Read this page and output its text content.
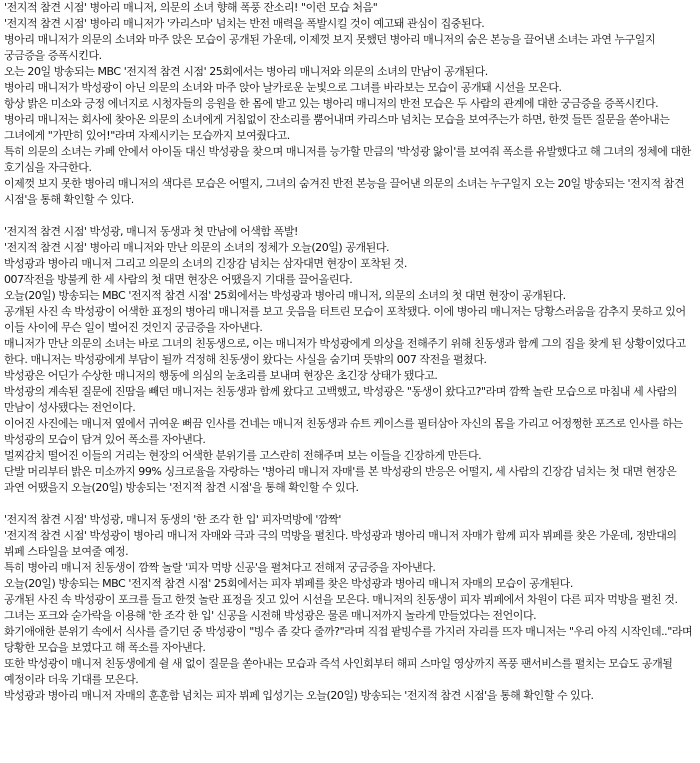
'전지적 참견 시점' 병아리 매니저, 의문의 소녀 향해 폭풍 잔소리! "이런 모습 처음"

'전지적 참견 시점' 병아리 매니저가 '카리스마' 넘치는 반전 매력을 폭발시킬 것이 예고돼 관심이 집중된다.

병아리 매니저가 의문의 소녀와 마주 앉은 모습이 공개된 가운데, 이제껏 보지 못했던 병아리 매니저의 숨은 본능을 끌어낸 소녀는 과연 누구일지 궁금증을 증폭시킨다.

오는 20일 방송되는 MBC '전지적 참견 시점' 25회에서는 병아리 매니저와 의문의 소녀의 만남이 공개된다.

병아리 매니저가 박성광이 아닌 의문의 소녀와 마주 앉아 날카로운 눈빛으로 그녀를 바라보는 모습이 공개돼 시선을 모은다.

항상 밝은 미소와 긍정 에너지로 시청자들의 응원을 한 몸에 받고 있는 병아리 매니저의 반전 모습은 두 사람의 관계에 대한 궁금증을 증폭시킨다.

병아리 매니저는 회사에 찾아온 의문의 소녀에게 거침없이 잔소리를 뿜어내며 카리스마 넘치는 모습을 보여주는가 하면, 한껏 들뜬 질문을 쏟아내는 그녀에게 "가만히 있어!"라며 자제시키는 모습까지 보여줬다고.

특히 의문의 소녀는 카페 안에서 아이돌 대신 박성광을 찾으며 매니저를 능가할 만큼의 '박성광 앓이'를 보여줘 폭소를 유발했다고 해 그녀의 정체에 대한 호기심을 자극한다.

이제껏 보지 못한 병아리 매니저의 색다른 모습은 어떨지, 그녀의 숨겨진 반전 본능을 끌어낸 의문의 소녀는 누구일지 오는 20일 방송되는 '전지적 참견 시점'을 통해 확인할 수 있다.

'전지적 참견 시점' 박성광, 매니저 동생과 첫 만남에 어색함 폭발!

'전지적 참견 시점' 병아리 매니저와 만난 의문의 소녀의 정체가 오늘(20일) 공개된다.

박성광과 병아리 매니저 그리고 의문의 소녀의 긴장감 넘치는 삼자대면 현장이 포착된 것.

007작전을 방불케 한 세 사람의 첫 대면 현장은 어땠을지 기대를 끌어올린다.

오늘(20일) 방송되는 MBC '전지적 참견 시점' 25회에서는 박성광과 병아리 매니저, 의문의 소녀의 첫 대면 현장이 공개된다.

공개된 사진 속 박성광이 어색한 표정의 병아리 매니저를 보고 웃음을 터트린 모습이 포착됐다. 이에 병아리 매니저는 당황스러움을 감추지 못하고 있어 이들 사이에 무슨 일이 벌어진 것인지 궁금증을 자아낸다.

매니저가 만난 의문의 소녀는 바로 그녀의 친동생으로, 이는 매니저가 박성광에게 의상을 전해주기 위해 친동생과 함께 그의 집을 찾게 된 상황이었다고 한다. 매니저는 박성광에게 부담이 될까 걱정해 친동생이 왔다는 사실을 숨기며 뜻밖의 007 작전을 펼쳤다.

박성광은 어딘가 수상한 매니저의 행동에 의심의 눈초리를 보내며 현장은 초긴장 상태가 됐다고.

박성광의 계속된 질문에 진땀을 빼던 매니저는 친동생과 함께 왔다고 고백했고, 박성광은 "동생이 왔다고?"라며 깜짝 놀란 모습으로 마침내 세 사람의 만남이 성사됐다는 전언이다.

이어진 사진에는 매니저 옆에서 귀여운 뻐끔 인사를 건네는 매니저 친동생과 슈트 케이스를 필터삼아 자신의 몸을 가리고 어정쩡한 포즈로 인사를 하는 박성광의 모습이 담겨 있어 폭소를 자아낸다.

멀찌감치 떨어진 이들의 거리는 현장의 어색한 분위기를 고스란히 전해주며 보는 이들을 긴장하게 만든다.

단발 머리부터 밝은 미소까지 99% 싱크로율을 자랑하는 '병아리 매니저 자매'를 본 박성광의 반응은 어떨지, 세 사람의 긴장감 넘치는 첫 대면 현장은 과연 어땠을지 오늘(20일) 방송되는 '전지적 참견 시점'을 통해 확인할 수 있다.

'전지적 참견 시점' 박성광, 매니저 동생의 '한 조각 한 입' 피자먹방에 '깜짝'

'전지적 참견 시점' 박성광이 병아리 매니저 자매와 극과 극의 먹방을 펼친다. 박성광과 병아리 매니저 자매가 함께 피자 뷔페를 찾은 가운데, 정반대의 뷔페 스타일을 보여줄 예정.

특히 병아리 매니저 친동생이 깜짝 놀랄 '피자 먹방 신공'을 펼쳐다고 전해져 궁금증을 자아낸다.

오늘(20일) 방송되는 MBC '전지적 참견 시점' 25회에서는 피자 뷔페를 찾은 박성광과 병아리 매니저 자매의 모습이 공개된다.

공개된 사진 속 박성광이 포크를 들고 한껏 놀란 표정을 짓고 있어 시선을 모은다. 매니저의 친동생이 피자 뷔페에서 차원이 다른 피자 먹방을 펼친 것. 그녀는 포크와 숟가락을 이용해 '한 조각 한 입' 신공을 시전해 박성광은 물론 매니저까지 놀라게 만들었다는 전언이다.

화기애애한 분위기 속에서 식사를 즐기던 중 박성광이 "빙수 좀 갖다 줄까?"라며 직접 팥빙수를 가지러 자리를 뜨자 매니저는 "우리 아직 시작인데.."라며 당황한 모습을 보였다고 해 폭소를 자아낸다.

또한 박성광이 매니저 친동생에게 쉴 새 없이 질문을 쏟아내는 모습과 즉석 사인회부터 해피 스마일 영상까지 폭풍 팬서비스를 펼치는 모습도 공개될 예정이라 더욱 기대를 모은다.

박성광과 병아리 매니저 자매의 훈훈함 넘치는 피자 뷔페 입성기는 오늘(20일) 방송되는 '전지적 참견 시점'을 통해 확인할 수 있다.
